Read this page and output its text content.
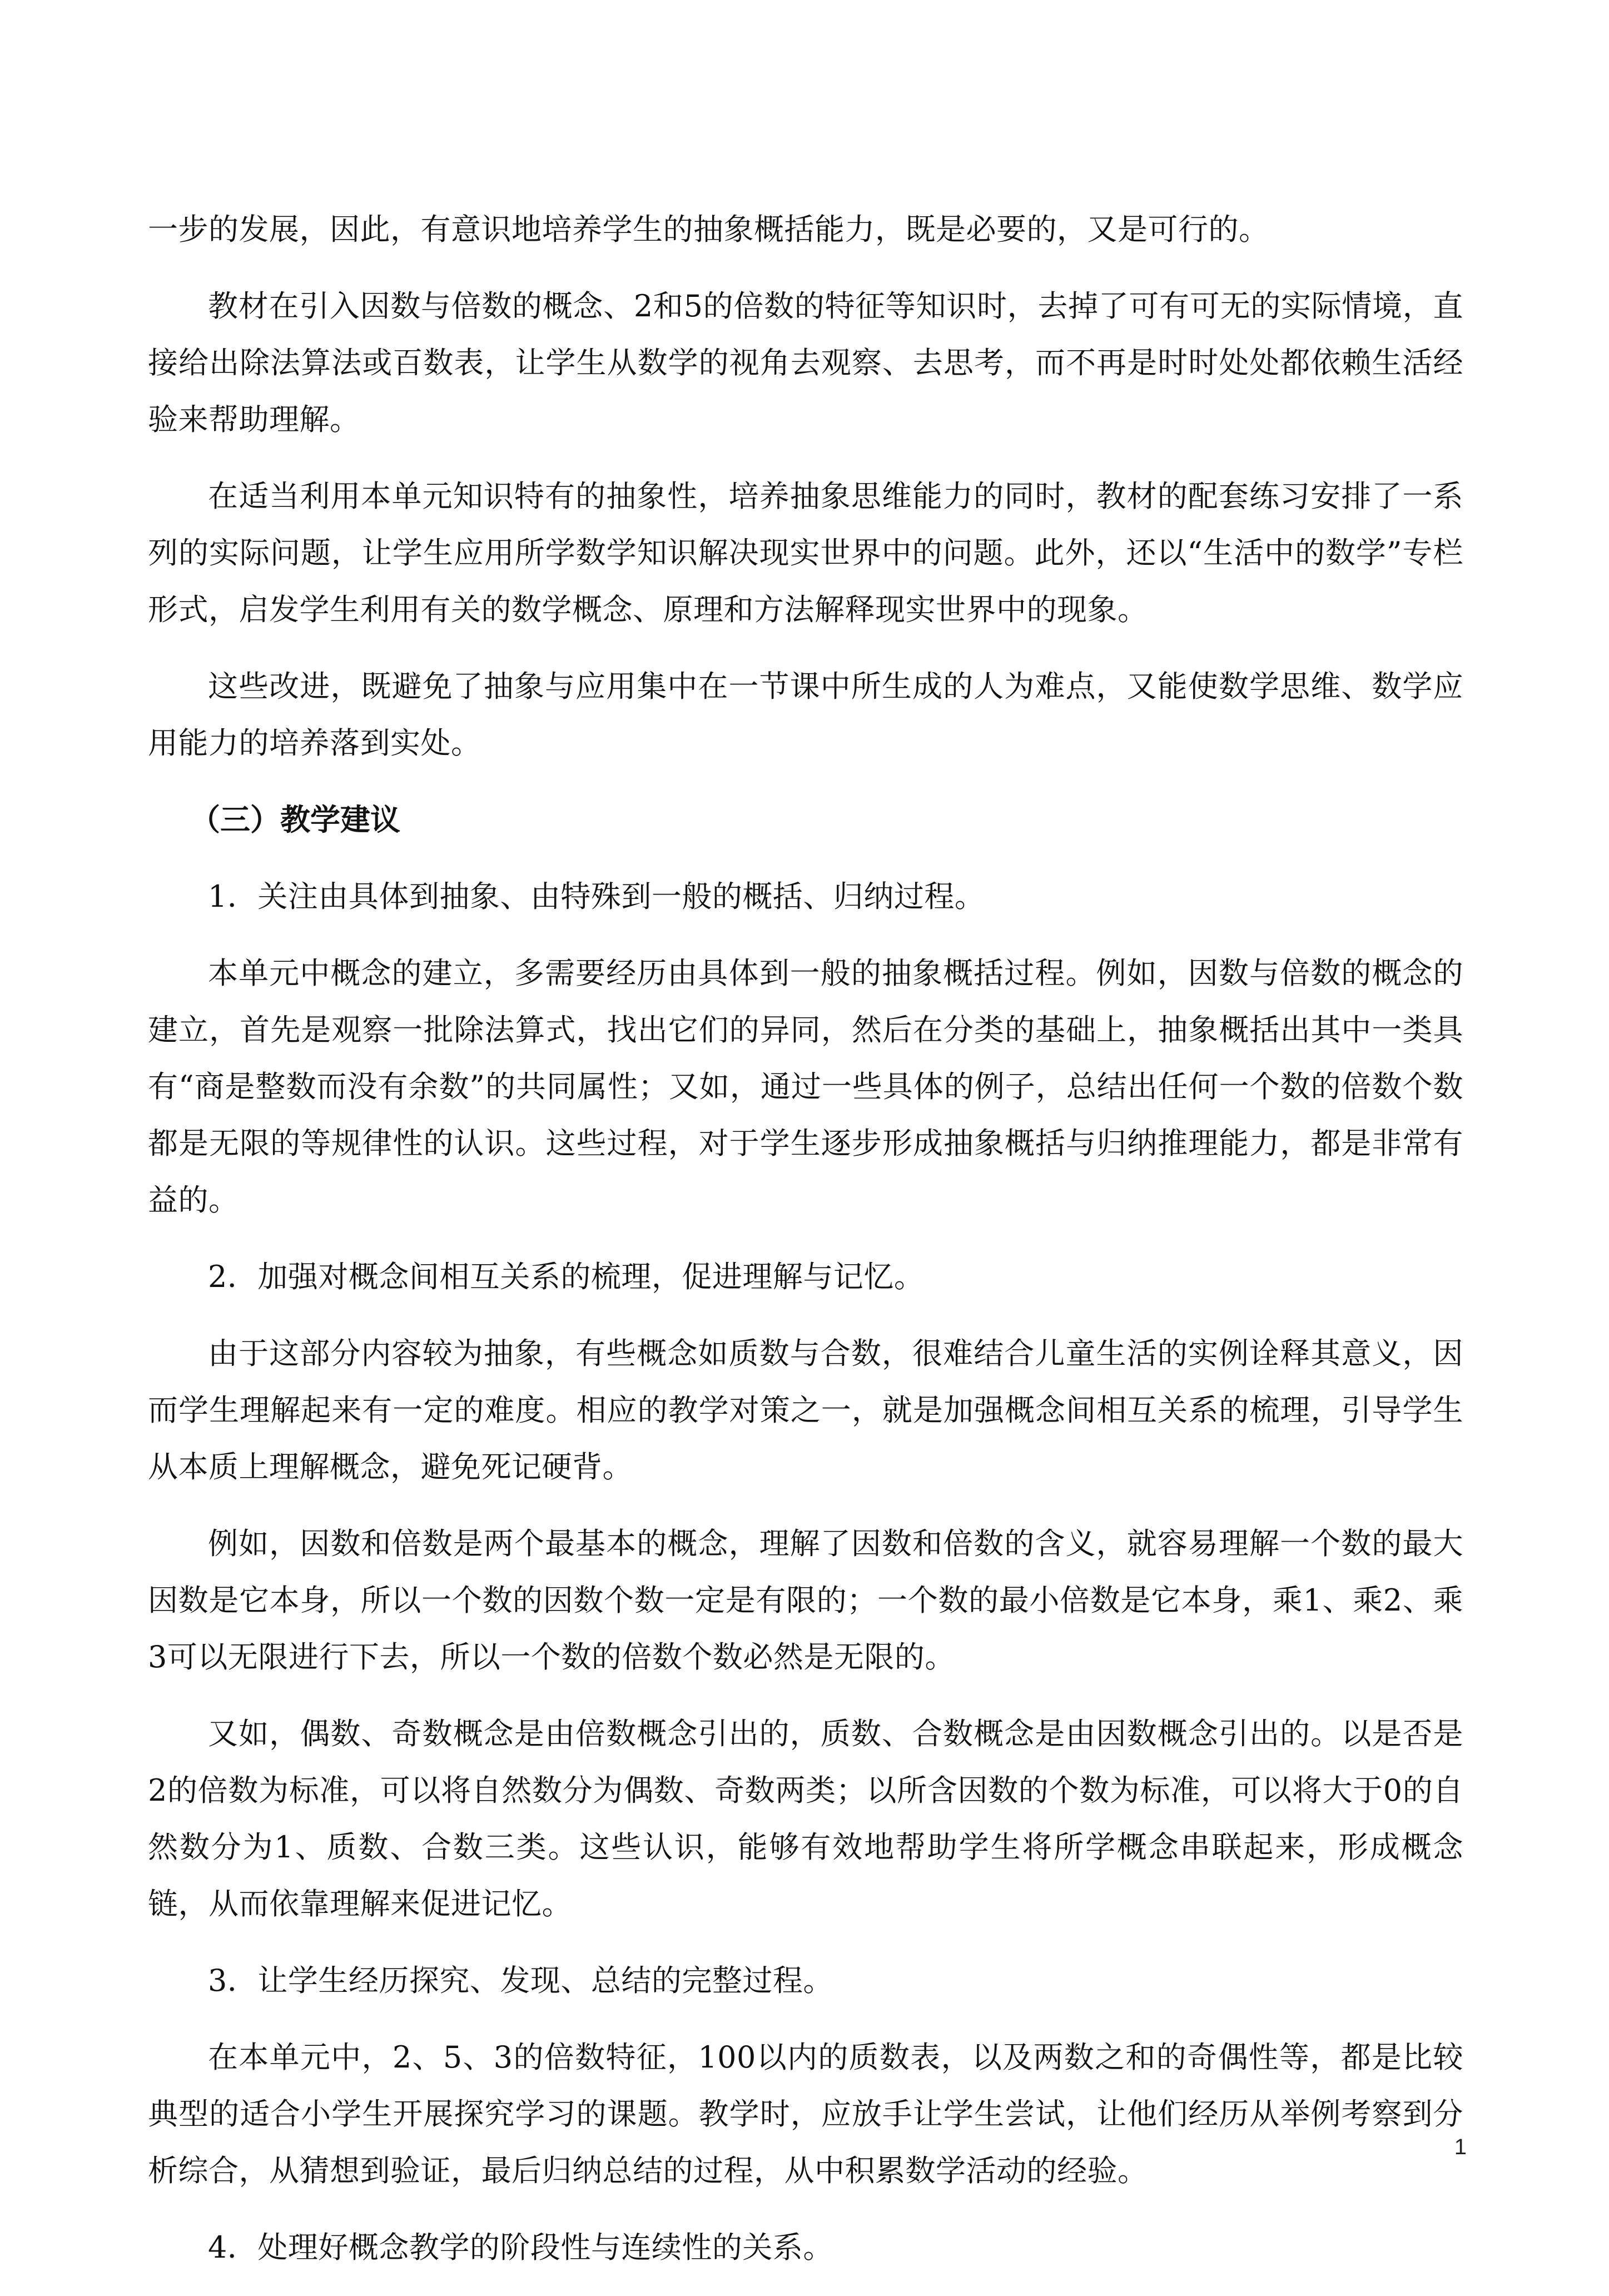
一步的发展，因此，有意识地培养学生的抽象概括能力，既是必要的，又是可行的。

教材在引入因数与倍数的概念、2和5的倍数的特征等知识时，去掉了可有可无的实际情境，直接给出除法算法或百数表，让学生从数学的视角去观察、去思考，而不再是时时处处都依赖生活经验来帮助理解。

在适当利用本单元知识特有的抽象性，培养抽象思维能力的同时，教材的配套练习安排了一系列的实际问题，让学生应用所学数学知识解决现实世界中的问题。此外，还以“生活中的数学”专栏形式，启发学生利用有关的数学概念、原理和方法解释现实世界中的现象。

这些改进，既避免了抽象与应用集中在一节课中所生成的人为难点，又能使数学思维、数学应用能力的培养落到实处。

（三）教学建议

1．关注由具体到抽象、由特殊到一般的概括、归纳过程。

本单元中概念的建立，多需要经历由具体到一般的抽象概括过程。例如，因数与倍数的概念的建立，首先是观察一批除法算式，找出它们的异同，然后在分类的基础上，抽象概括出其中一类具有“商是整数而没有余数”的共同属性；又如，通过一些具体的例子，总结出任何一个数的倍数个数都是无限的等规律性的认识。这些过程，对于学生逐步形成抽象概括与归纳推理能力，都是非常有益的。

2．加强对概念间相互关系的梳理，促进理解与记忆。

由于这部分内容较为抽象，有些概念如质数与合数，很难结合儿童生活的实例诠释其意义，因而学生理解起来有一定的难度。相应的教学对策之一，就是加强概念间相互关系的梳理，引导学生从本质上理解概念，避免死记硬背。

例如，因数和倍数是两个最基本的概念，理解了因数和倍数的含义，就容易理解一个数的最大因数是它本身，所以一个数的因数个数一定是有限的；一个数的最小倍数是它本身，乘1、乘2、乘3可以无限进行下去，所以一个数的倍数个数必然是无限的。

又如，偶数、奇数概念是由倍数概念引出的，质数、合数概念是由因数概念引出的。以是否是2的倍数为标准，可以将自然数分为偶数、奇数两类；以所含因数的个数为标准，可以将大于0的自然数分为1、质数、合数三类。这些认识，能够有效地帮助学生将所学概念串联起来，形成概念链，从而依靠理解来促进记忆。

3．让学生经历探究、发现、总结的完整过程。

在本单元中，2、5、3的倍数特征，100以内的质数表，以及两数之和的奇偶性等，都是比较典型的适合小学生开展探究学习的课题。教学时，应放手让学生尝试，让他们经历从举例考察到分析综合，从猜想到验证，最后归纳总结的过程，从中积累数学活动的经验。

4．处理好概念教学的阶段性与连续性的关系。

1
